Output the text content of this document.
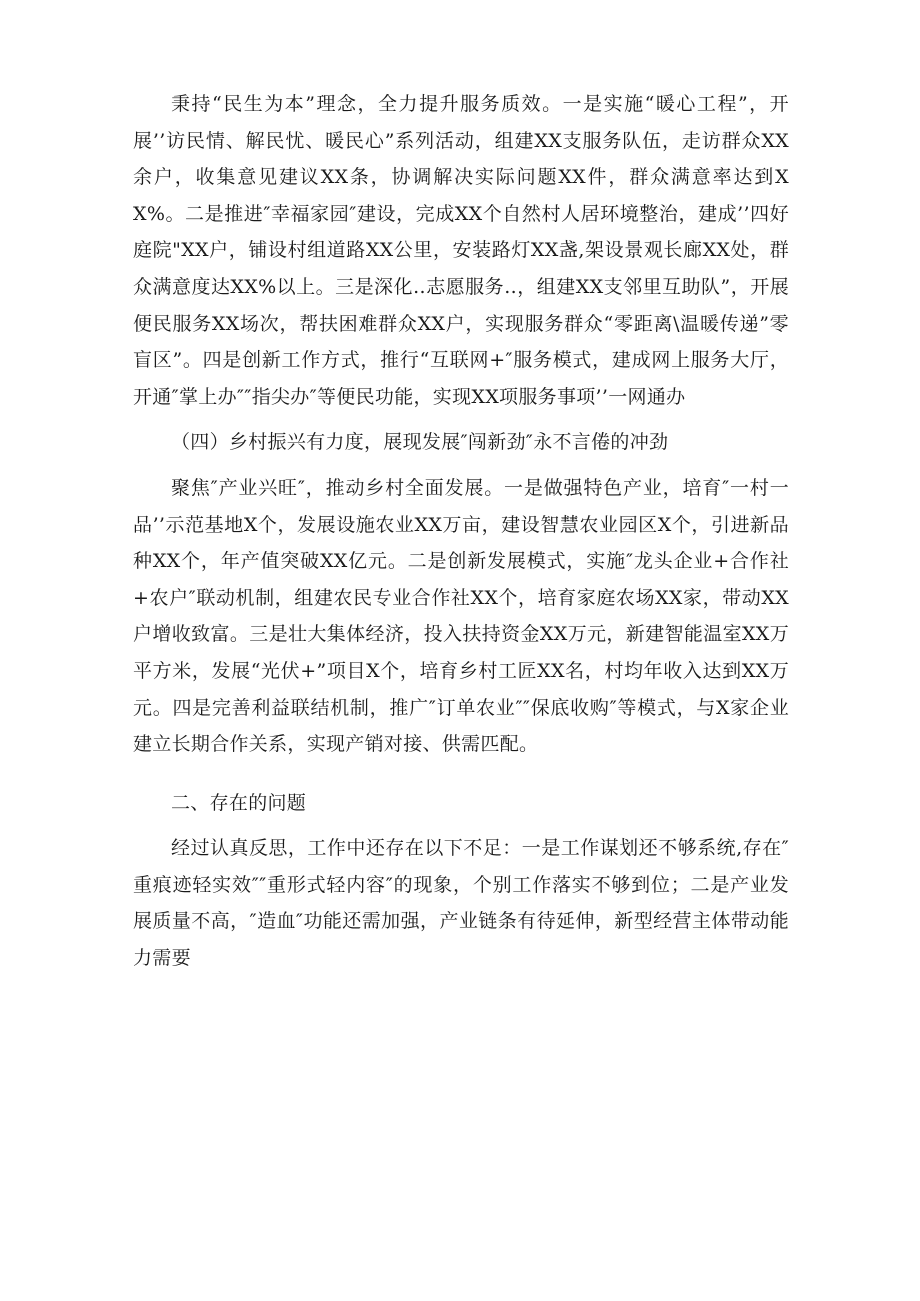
秉持“民生为本”理念，全力提升服务质效。一是实施“暖心工程”，开展’’访民情、解民忧、暖民心”系列活动，组建XX支服务队伍，走访群众XX余户，收集意见建议XX条，协调解决实际问题XX件，群众满意率达到XX%。二是推进″幸福家园″建设，完成XX个自然村人居环境整治，建成’’四好庭院"XX户，铺设村组道路XX公里，安装路灯XX盏,架设景观长廊XX处，群众满意度达XX%以上。三是深化‥志愿服务‥，组建XX支邻里互助队”，开展便民服务XX场次，帮扶困难群众XX户，实现服务群众“零距离\温暖传递”零盲区”。四是创新工作方式，推行“互联网+″服务模式，建成网上服务大厅，开通″掌上办″″指尖办″等便民功能，实现XX项服务事项’’一网通办

（四）乡村振兴有力度，展现发展″闯新劲″永不言倦的冲劲

聚焦″产业兴旺″，推动乡村全面发展。一是做强特色产业，培育″一村一品’’示范基地X个，发展设施农业XX万亩，建设智慧农业园区X个，引进新品种XX个，年产值突破XX亿元。二是创新发展模式，实施″龙头企业+合作社+农户″联动机制，组建农民专业合作社XX个，培育家庭农场XX家，带动XX户增收致富。三是壮大集体经济，投入扶持资金XX万元，新建智能温室XX万平方米，发展“光伏+”项目X个，培育乡村工匠XX名，村均年收入达到XX万元。四是完善利益联结机制，推广″订单农业″″保底收购″等模式，与X家企业建立长期合作关系，实现产销对接、供需匹配。

二、存在的问题

经过认真反思，工作中还存在以下不足：一是工作谋划还不够系统,存在″重痕迹轻实效″″重形式轻内容″的现象，个别工作落实不够到位；二是产业发展质量不高，″造血″功能还需加强，产业链条有待延伸，新型经营主体带动能力需要
